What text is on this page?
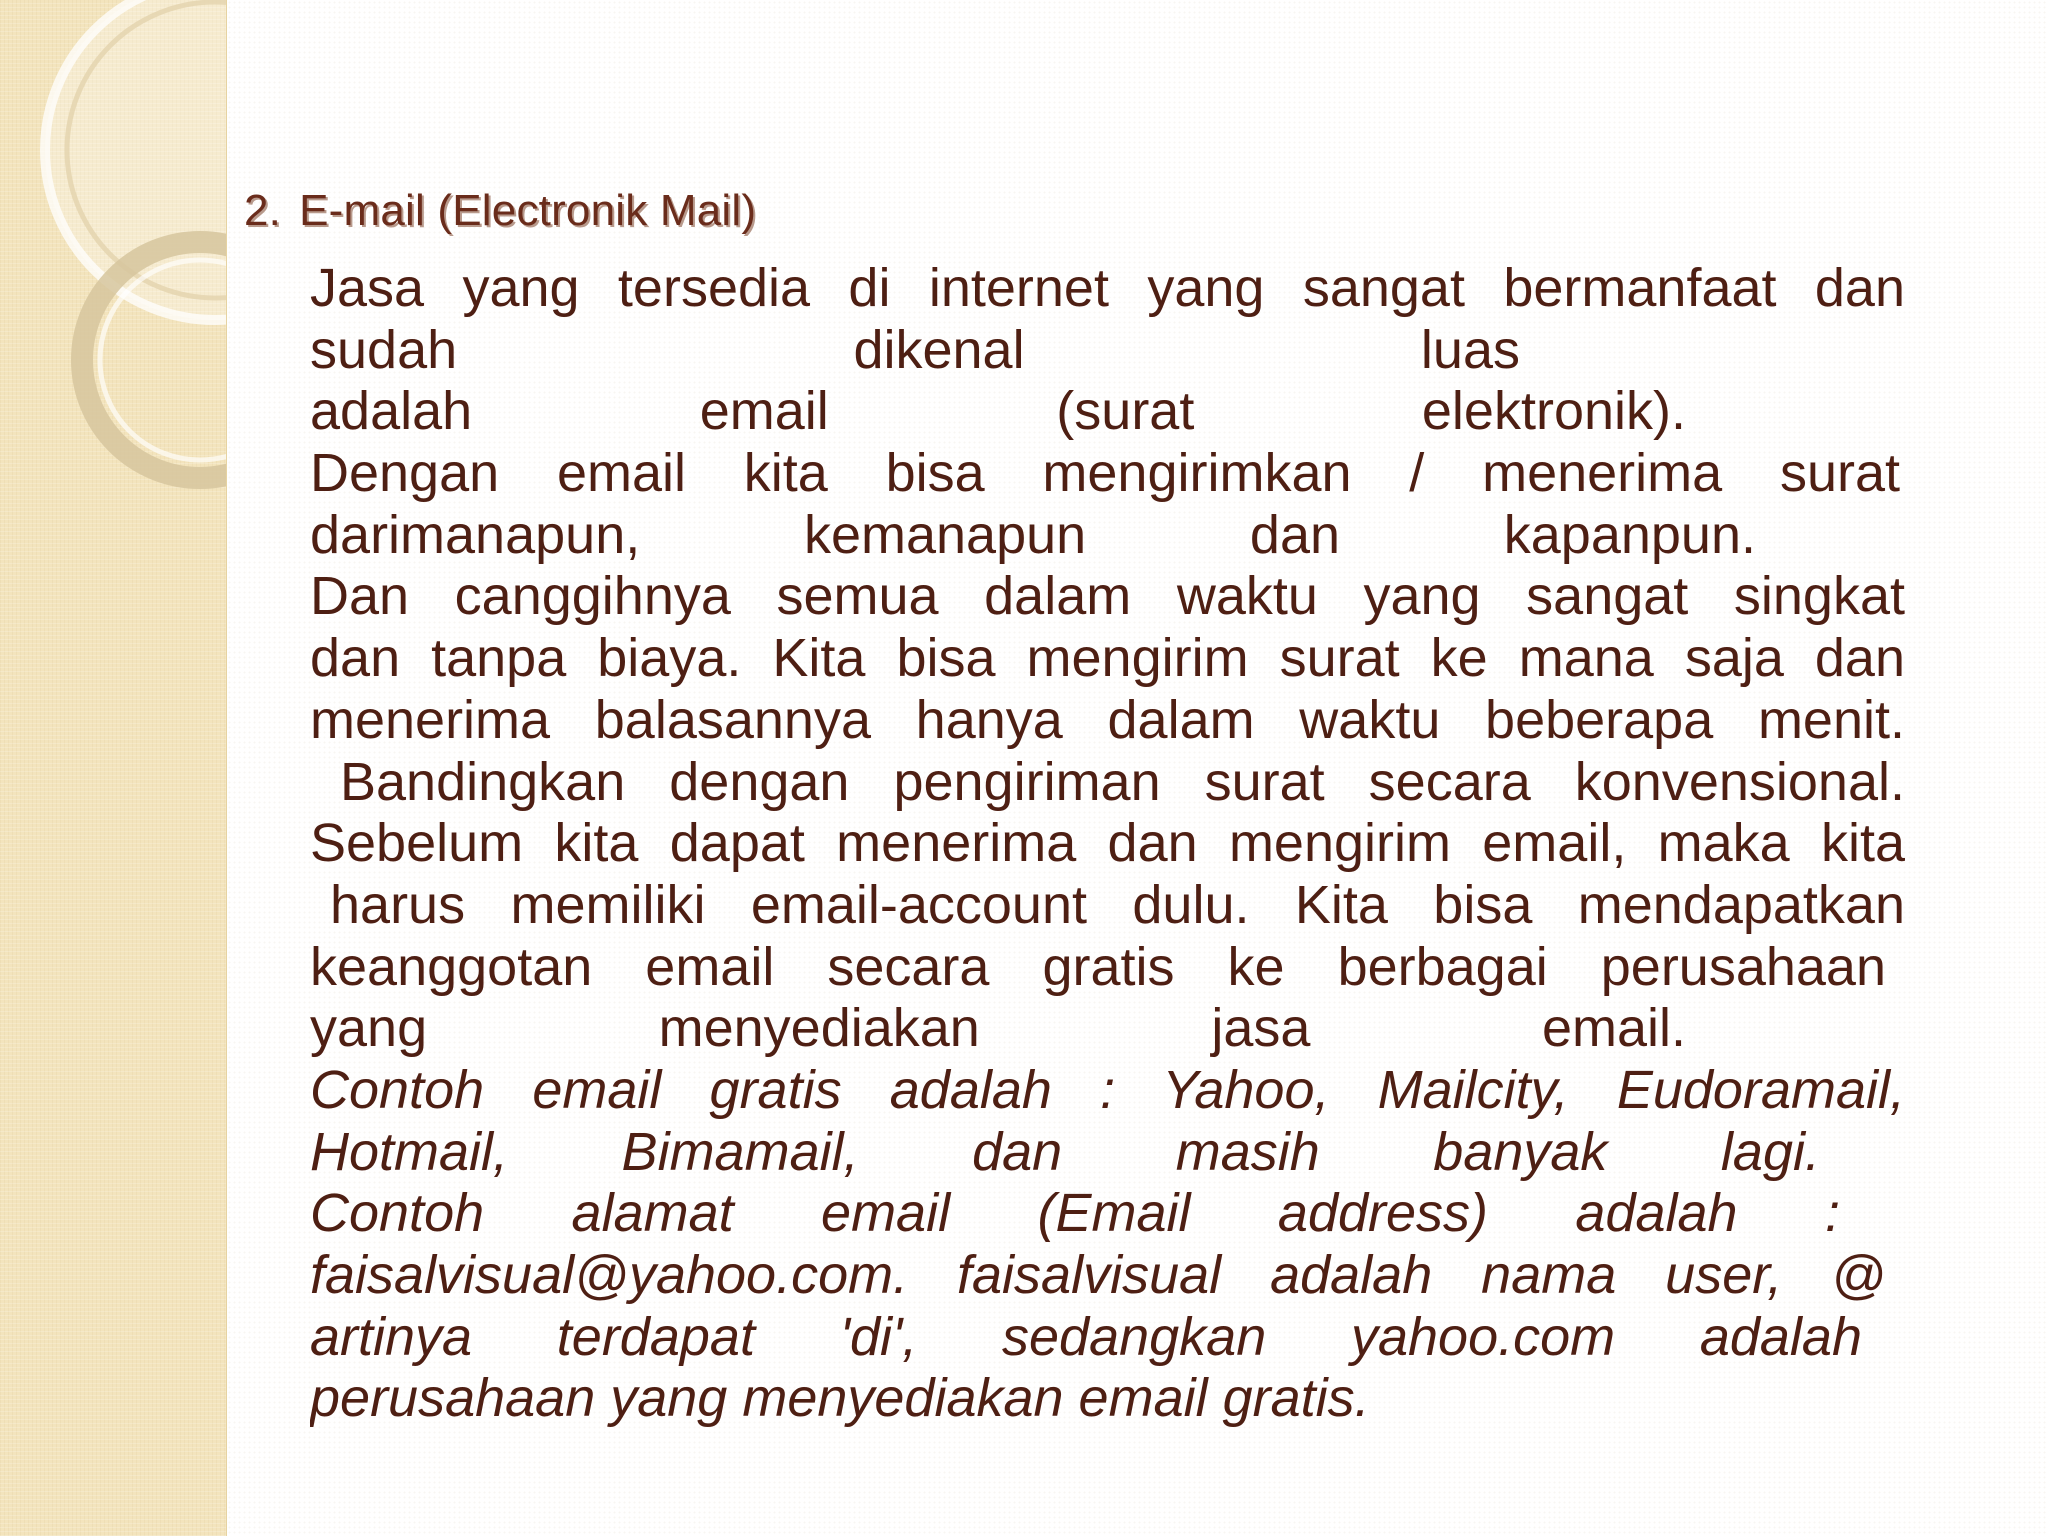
2. E-mail (Electronik Mail)
Jasa yang tersedia di internet yang sangat bermanfaat dan
sudah dikenal luas
adalah email (surat elektronik).
Dengan email kita bisa mengirimkan / menerima surat
darimanapun, kemanapun dan kapanpun.
Dan canggihnya semua dalam waktu yang sangat singkat
dan tanpa biaya. Kita bisa mengirim surat ke mana saja dan
menerima balasannya hanya dalam waktu beberapa menit.
Bandingkan dengan pengiriman surat secara konvensional.
Sebelum kita dapat menerima dan mengirim email, maka kita
harus memiliki email-account dulu. Kita bisa mendapatkan
keanggotan email secara gratis ke berbagai perusahaan
yang menyediakan jasa email.
Contoh email gratis adalah : Yahoo, Mailcity, Eudoramail,
Hotmail, Bimamail, dan masih banyak lagi.
Contoh alamat email (Email address) adalah :
faisalvisual@yahoo.com. faisalvisual adalah nama user, @
artinya terdapat 'di', sedangkan yahoo.com adalah
perusahaan yang menyediakan email gratis.
